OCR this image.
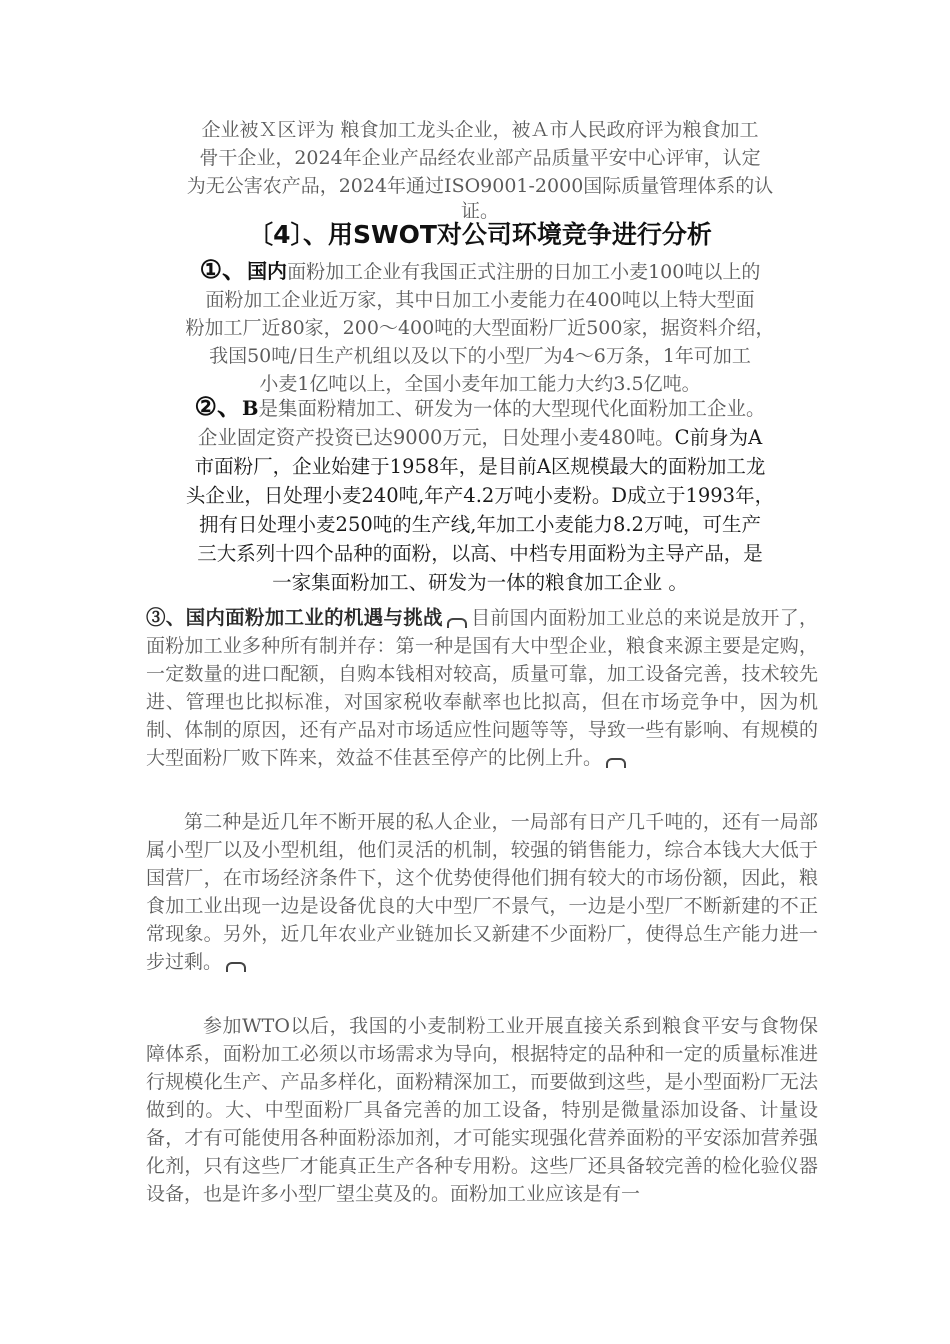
企业被Ｘ区评为 粮食加工龙头企业，被Ａ市人民政府评为粮食加工
骨干企业，2024年企业产品经农业部产品质量平安中心评审，认定
为无公害农产品，2024年通过ISO9001-2000国际质量管理体系的认
证。
〔4〕、用SWOT对公司环境竞争进行分析
①、国内面粉加工企业有我国正式注册的日加工小麦100吨以上的
面粉加工企业近万家，其中日加工小麦能力在400吨以上特大型面
粉加工厂近80家，200～400吨的大型面粉厂近500家，据资料介绍，
我国50吨/日生产机组以及以下的小型厂为4～6万条，1年可加工
小麦1亿吨以上，全国小麦年加工能力大约3.5亿吨。
②、B是集面粉精加工、研发为一体的大型现代化面粉加工企业。
企业固定资产投资已达9000万元，日处理小麦480吨。C前身为A
市面粉厂，企业始建于1958年，是目前A区规模最大的面粉加工龙
头企业，日处理小麦240吨,年产4.2万吨小麦粉。D成立于1993年，
拥有日处理小麦250吨的生产线,年加工小麦能力8.2万吨，可生产
三大系列十四个品种的面粉，以高、中档专用面粉为主导产品，是
一家集面粉加工、研发为一体的粮食加工企业 。
③、国内面粉加工业的机遇与挑战 目前国内面粉加工业总的来说是放开了，面粉加工业多种所有制并存：第一种是国有大中型企业，粮食来源主要是定购，一定数量的进口配额，自购本钱相对较高，质量可靠，加工设备完善，技术较先进、管理也比拟标准，对国家税收奉献率也比拟高，但在市场竞争中，因为机制、体制的原因，还有产品对市场适应性问题等等，导致一些有影响、有规模的大型面粉厂败下阵来，效益不佳甚至停产的比例上升。
第二种是近几年不断开展的私人企业，一局部有日产几千吨的，还有一局部属小型厂以及小型机组，他们灵活的机制，较强的销售能力，综合本钱大大低于国营厂，在市场经济条件下，这个优势使得他们拥有较大的市场份额，因此，粮食加工业出现一边是设备优良的大中型厂不景气，一边是小型厂不断新建的不正常现象。另外，近几年农业产业链加长又新建不少面粉厂，使得总生产能力进一步过剩。
参加WTO以后，我国的小麦制粉工业开展直接关系到粮食平安与食物保障体系，面粉加工必须以市场需求为导向，根据特定的品种和一定的质量标准进行规模化生产、产品多样化，面粉精深加工，而要做到这些，是小型面粉厂无法做到的。大、中型面粉厂具备完善的加工设备，特别是微量添加设备、计量设备，才有可能使用各种面粉添加剂，才可能实现强化营养面粉的平安添加营养强化剂，只有这些厂才能真正生产各种专用粉。这些厂还具备较完善的检化验仪器设备，也是许多小型厂望尘莫及的。面粉加工业应该是有一
